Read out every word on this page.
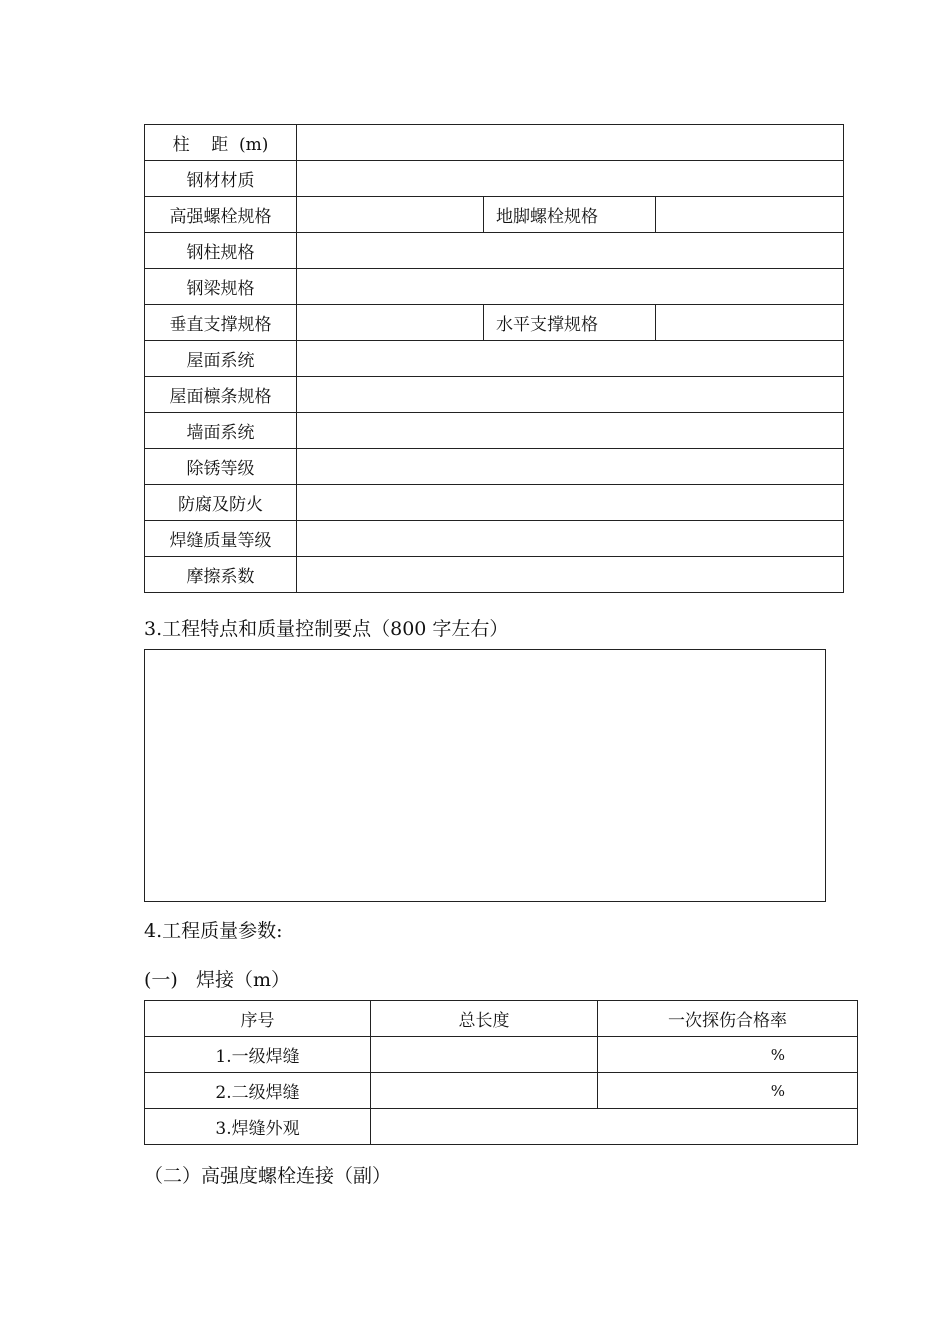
柱    距  (m)			
钢材材质			
高强螺栓规格		地脚螺栓规格	
钢柱规格			
钢梁规格			
垂直支撑规格		水平支撑规格	
屋面系统			
屋面檩条规格			
墙面系统			
除锈等级			
防腐及防火			
焊缝质量等级			
摩擦系数			
3.工程特点和质量控制要点（800 字左右）
4.工程质量参数:
(一)   焊接（m）
序号	总长度	一次探伤合格率
1.一级焊缝		%
2.二级焊缝		%
3.焊缝外观		
（二）高强度螺栓连接（副）
